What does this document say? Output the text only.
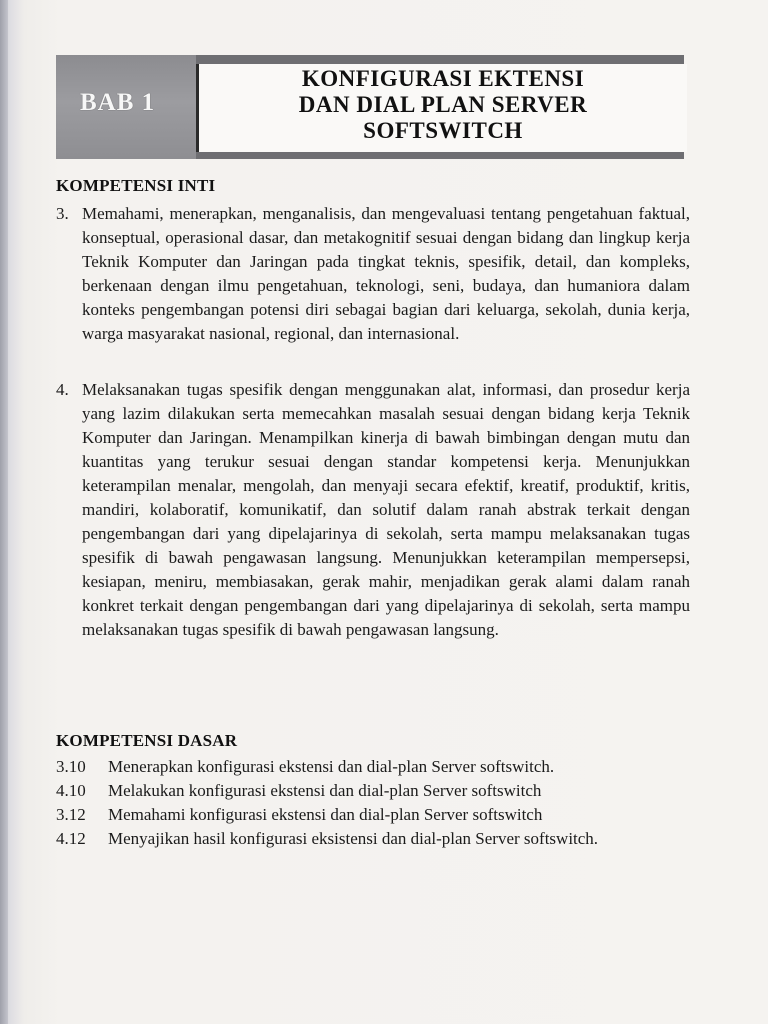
BAB 1
KONFIGURASI EKTENSI
DAN DIAL PLAN SERVER
SOFTSWITCH
KOMPETENSI INTI
3. Memahami, menerapkan, menganalisis, dan mengevaluasi tentang pengetahuan faktual, konseptual, operasional dasar, dan metakognitif sesuai dengan bidang dan lingkup kerja Teknik Komputer dan Jaringan pada tingkat teknis, spesifik, detail, dan kompleks, berkenaan dengan ilmu pengetahuan, teknologi, seni, budaya, dan humaniora dalam konteks pengembangan potensi diri sebagai bagian dari keluarga, sekolah, dunia kerja, warga masyarakat nasional, regional, dan internasional.
4. Melaksanakan tugas spesifik dengan menggunakan alat, informasi, dan prosedur kerja yang lazim dilakukan serta memecahkan masalah sesuai dengan bidang kerja Teknik Komputer dan Jaringan. Menampilkan kinerja di bawah bimbingan dengan mutu dan kuantitas yang terukur sesuai dengan standar kompetensi kerja. Menunjukkan keterampilan menalar, mengolah, dan menyaji secara efektif, kreatif, produktif, kritis, mandiri, kolaboratif, komunikatif, dan solutif dalam ranah abstrak terkait dengan pengembangan dari yang dipelajarinya di sekolah, serta mampu melaksanakan tugas spesifik di bawah pengawasan langsung. Menunjukkan keterampilan mempersepsi, kesiapan, meniru, membiasakan, gerak mahir, menjadikan gerak alami dalam ranah konkret terkait dengan pengembangan dari yang dipelajarinya di sekolah, serta mampu melaksanakan tugas spesifik di bawah pengawasan langsung.
KOMPETENSI DASAR
3.10 Menerapkan konfigurasi ekstensi dan dial-plan Server softswitch.
4.10 Melakukan konfigurasi ekstensi dan dial-plan Server softswitch
3.12 Memahami konfigurasi ekstensi dan dial-plan Server softswitch
4.12 Menyajikan hasil konfigurasi eksistensi dan dial-plan Server softswitch.
